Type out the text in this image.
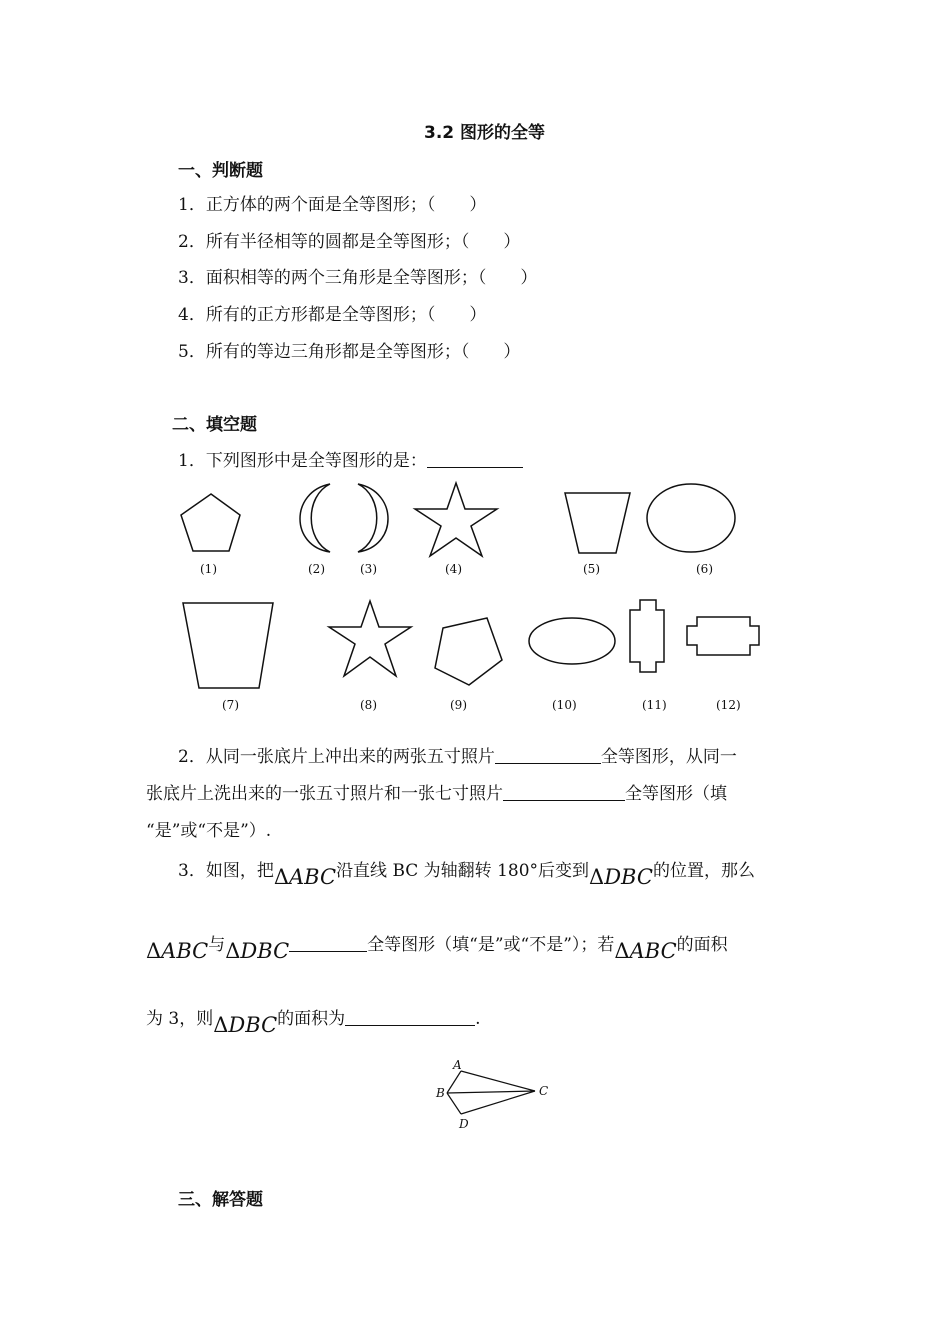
3.2 图形的全等
一、判断题
1．正方体的两个面是全等图形；（　　）
2．所有半径相等的圆都是全等图形；（　　）
3．面积相等的两个三角形是全等图形；（　　）
4．所有的正方形都是全等图形；（　　）
5．所有的等边三角形都是全等图形；（　　）
二、填空题
1．下列图形中是全等图形的是：
(1)	(2)	(3)	(4)	(5)	(6)
(7)	(8)	(9)	(10)	(11)	(12)
2．从同一张底片上冲出来的两张五寸照片	全等图形，从同一
张底片上洗出来的一张五寸照片和一张七寸照片	全等图形（填
“是”或“不是”）.
3．如图，把ΔABC沿直线 BC 为轴翻转 180°后变到ΔDBC的位置，那么
ΔABC与ΔDBC	全等图形（填“是”或“不是”）；若ΔABC的面积
为 3，则ΔDBC的面积为	.
A
B	C
D
三、解答题
